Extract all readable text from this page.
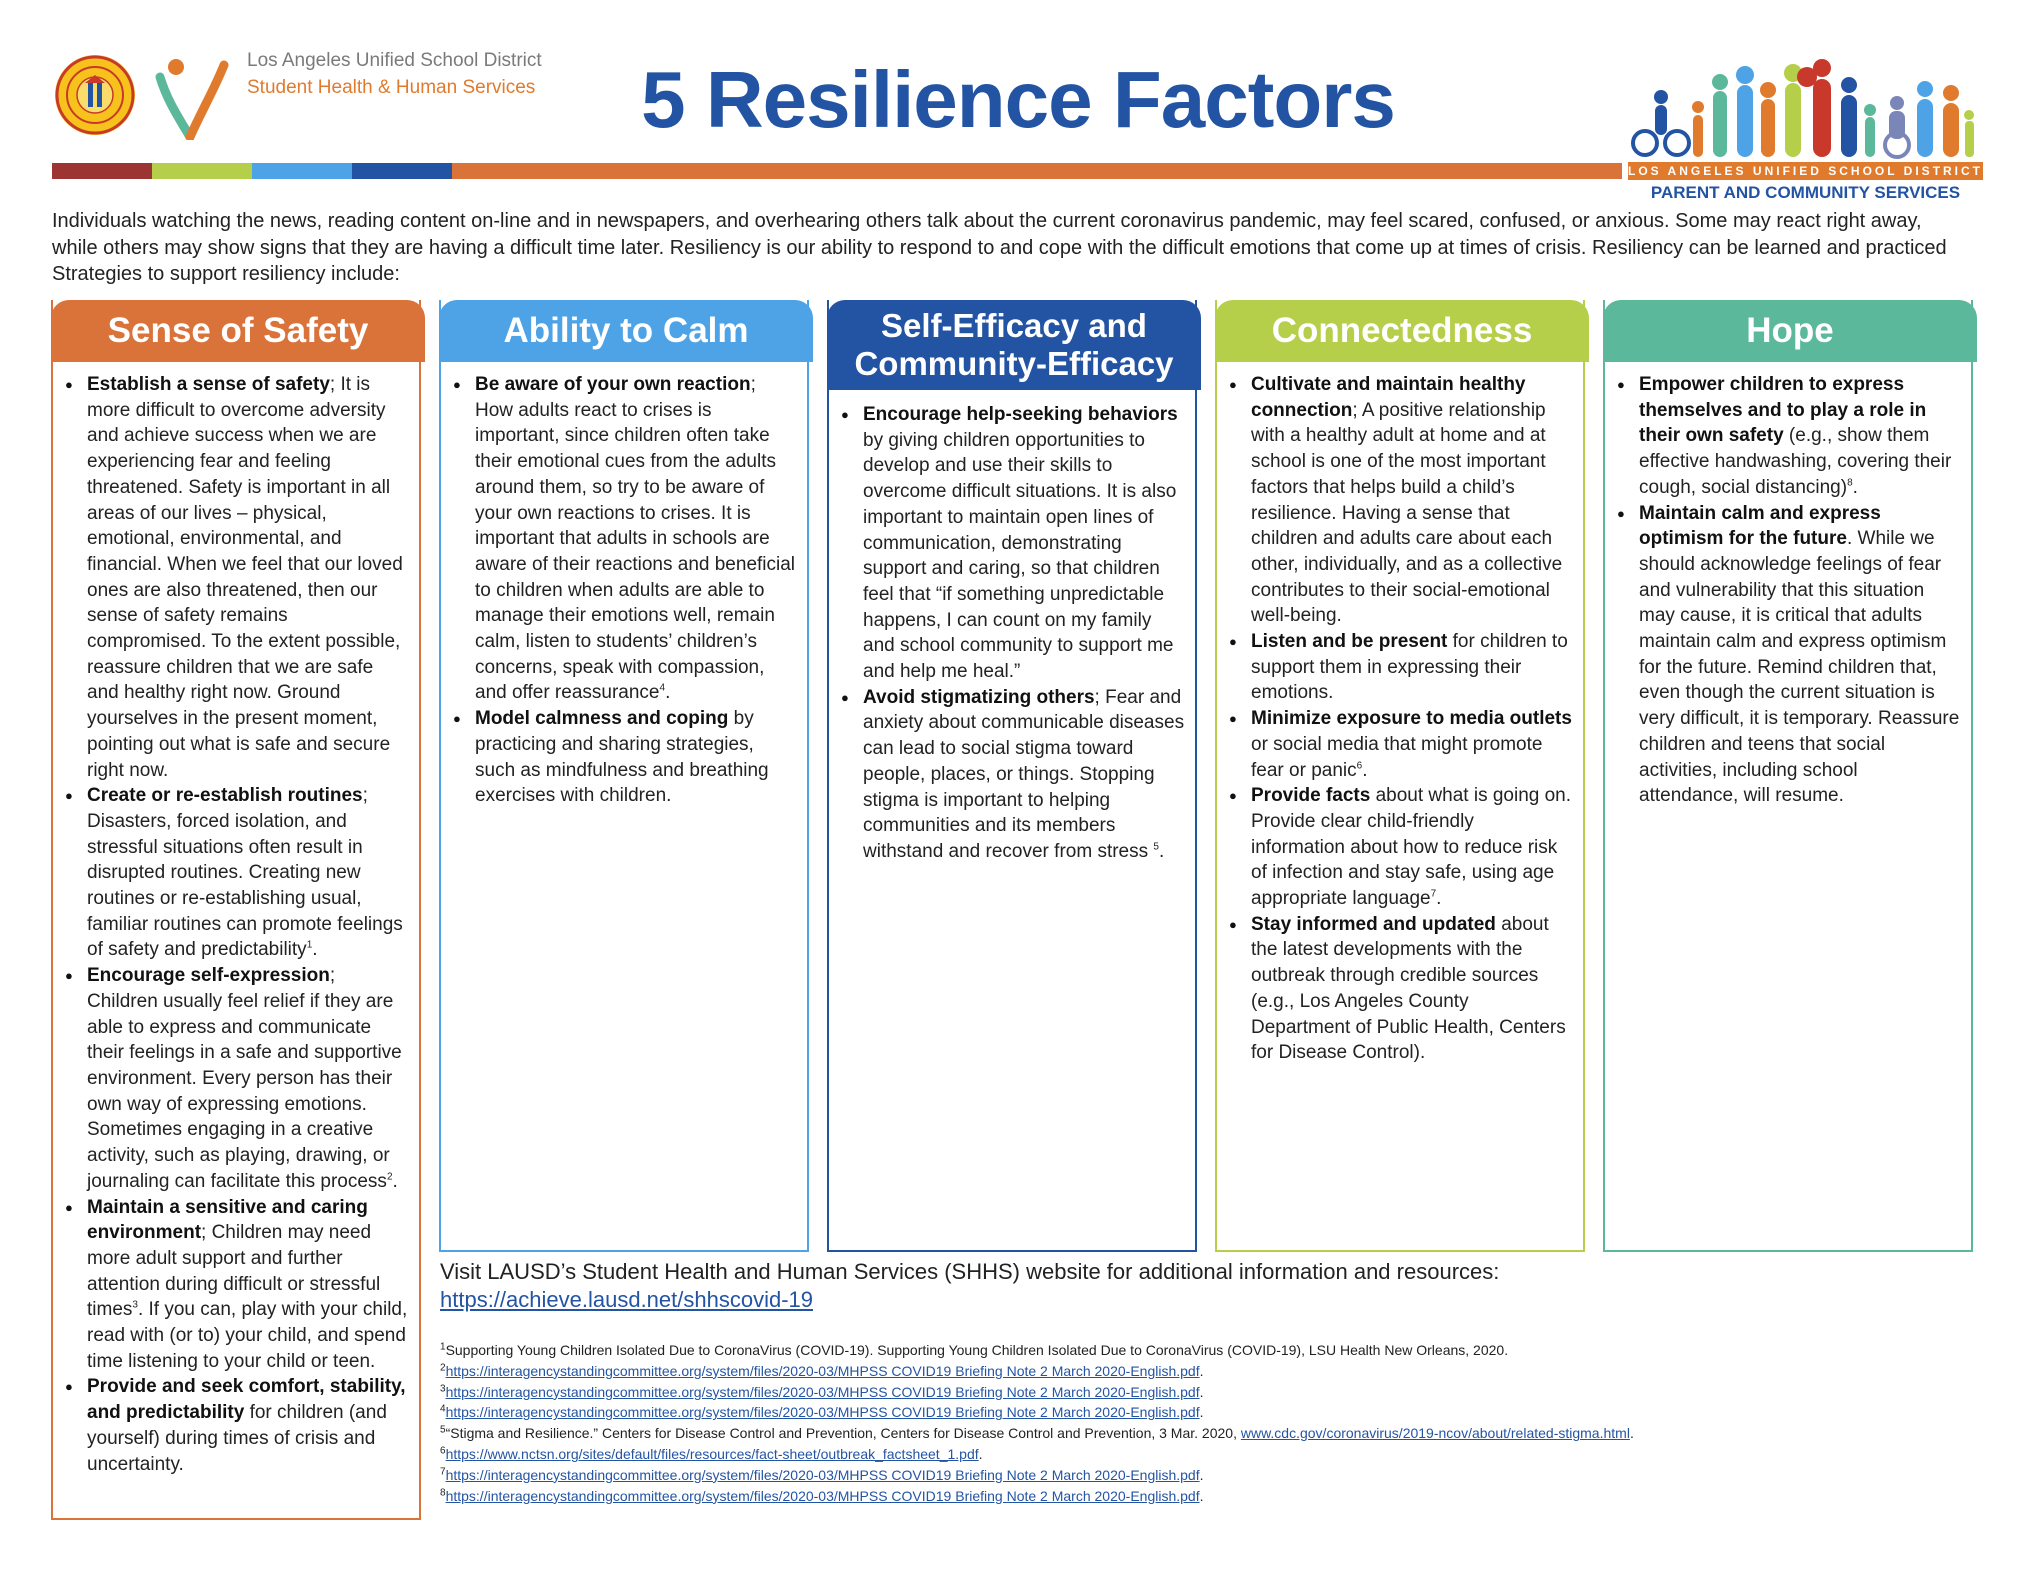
Los Angeles Unified School District
Student Health & Human Services	5 Resilience Factors
LOS ANGELES UNIFIED SCHOOL DISTRICT
PARENT AND COMMUNITY SERVICES

Individuals watching the news, reading content on-line and in newspapers, and overhearing others talk about the current coronavirus pandemic, may feel scared, confused, or anxious. Some may react right away, while others may show signs that they are having a difficult time later. Resiliency is our ability to respond to and cope with the difficult emotions that come up at times of crisis. Resiliency can be learned and practiced Strategies to support resiliency include:

Sense of Safety
● Establish a sense of safety; It is more difficult to overcome adversity and achieve success when we are experiencing fear and feeling threatened. Safety is important in all areas of our lives – physical, emotional, environmental, and financial. When we feel that our loved ones are also threatened, then our sense of safety remains compromised. To the extent possible, reassure children that we are safe and healthy right now. Ground yourselves in the present moment, pointing out what is safe and secure right now.
● Create or re-establish routines; Disasters, forced isolation, and stressful situations often result in disrupted routines. Creating new routines or re-establishing usual, familiar routines can promote feelings of safety and predictability$^1$.
● Encourage self-expression; Children usually feel relief if they are able to express and communicate their feelings in a safe and supportive environment. Every person has their own way of expressing emotions. Sometimes engaging in a creative activity, such as playing, drawing, or journaling can facilitate this process$^2$.
● Maintain a sensitive and caring environment; Children may need more adult support and further attention during difficult or stressful times$^3$. If you can, play with your child, read with (or to) your child, and spend time listening to your child or teen.
● Provide and seek comfort, stability, and predictability for children (and yourself) during times of crisis and uncertainty.
Ability to Calm
● Be aware of your own reaction; How adults react to crises is important, since children often take their emotional cues from the adults around them, so try to be aware of your own reactions to crises. It is important that adults in schools are aware of their reactions and beneficial to children when adults are able to manage their emotions well, remain calm, listen to students’ children’s concerns, speak with compassion, and offer reassurance$^4$.
● Model calmness and coping by practicing and sharing strategies, such as mindfulness and breathing exercises with children.
Self-Efficacy and Community-Efficacy
● Encourage help-seeking behaviors by giving children opportunities to develop and use their skills to overcome difficult situations. It is also important to maintain open lines of communication, demonstrating support and caring, so that children feel that “if something unpredictable happens, I can count on my family and school community to support me and help me heal.”
● Avoid stigmatizing others; Fear and anxiety about communicable diseases can lead to social stigma toward people, places, or things. Stopping stigma is important to helping communities and its members withstand and recover from stress $^5$.
Connectedness
● Cultivate and maintain healthy connection; A positive relationship with a healthy adult at home and at school is one of the most important factors that helps build a child’s resilience. Having a sense that children and adults care about each other, individually, and as a collective contributes to their social-emotional well-being.
● Listen and be present for children to support them in expressing their emotions.
● Minimize exposure to media outlets or social media that might promote fear or panic$^6$.
● Provide facts about what is going on. Provide clear child-friendly information about how to reduce risk of infection and stay safe, using age appropriate language$^7$.
● Stay informed and updated about the latest developments with the outbreak through credible sources (e.g., Los Angeles County Department of Public Health, Centers for Disease Control).
Hope
● Empower children to express themselves and to play a role in their own safety (e.g., show them effective handwashing, covering their cough, social distancing)$^8$.
● Maintain calm and express optimism for the future. While we should acknowledge feelings of fear and vulnerability that this situation may cause, it is critical that adults maintain calm and express optimism for the future. Remind children that, even though the current situation is very difficult, it is temporary. Reassure children and teens that social activities, including school attendance, will resume.
Visit LAUSD’s Student Health and Human Services (SHHS) website for additional information and resources:
https://achieve.lausd.net/shhscovid-19
$^1$Supporting Young Children Isolated Due to CoronaVirus (COVID-19). Supporting Young Children Isolated Due to CoronaVirus (COVID-19), LSU Health New Orleans, 2020.
$^2$https://interagencystandingcommittee.org/system/files/2020-03/MHPSS COVID19 Briefing Note 2 March 2020-English.pdf.
$^3$https://interagencystandingcommittee.org/system/files/2020-03/MHPSS COVID19 Briefing Note 2 March 2020-English.pdf.
$^4$https://interagencystandingcommittee.org/system/files/2020-03/MHPSS COVID19 Briefing Note 2 March 2020-English.pdf.
$^5$“Stigma and Resilience.” Centers for Disease Control and Prevention, Centers for Disease Control and Prevention, 3 Mar. 2020, www.cdc.gov/coronavirus/2019-ncov/about/related-stigma.html.
$^6$https://www.nctsn.org/sites/default/files/resources/fact-sheet/outbreak_factsheet_1.pdf.
$^7$https://interagencystandingcommittee.org/system/files/2020-03/MHPSS COVID19 Briefing Note 2 March 2020-English.pdf.
$^8$https://interagencystandingcommittee.org/system/files/2020-03/MHPSS COVID19 Briefing Note 2 March 2020-English.pdf.
